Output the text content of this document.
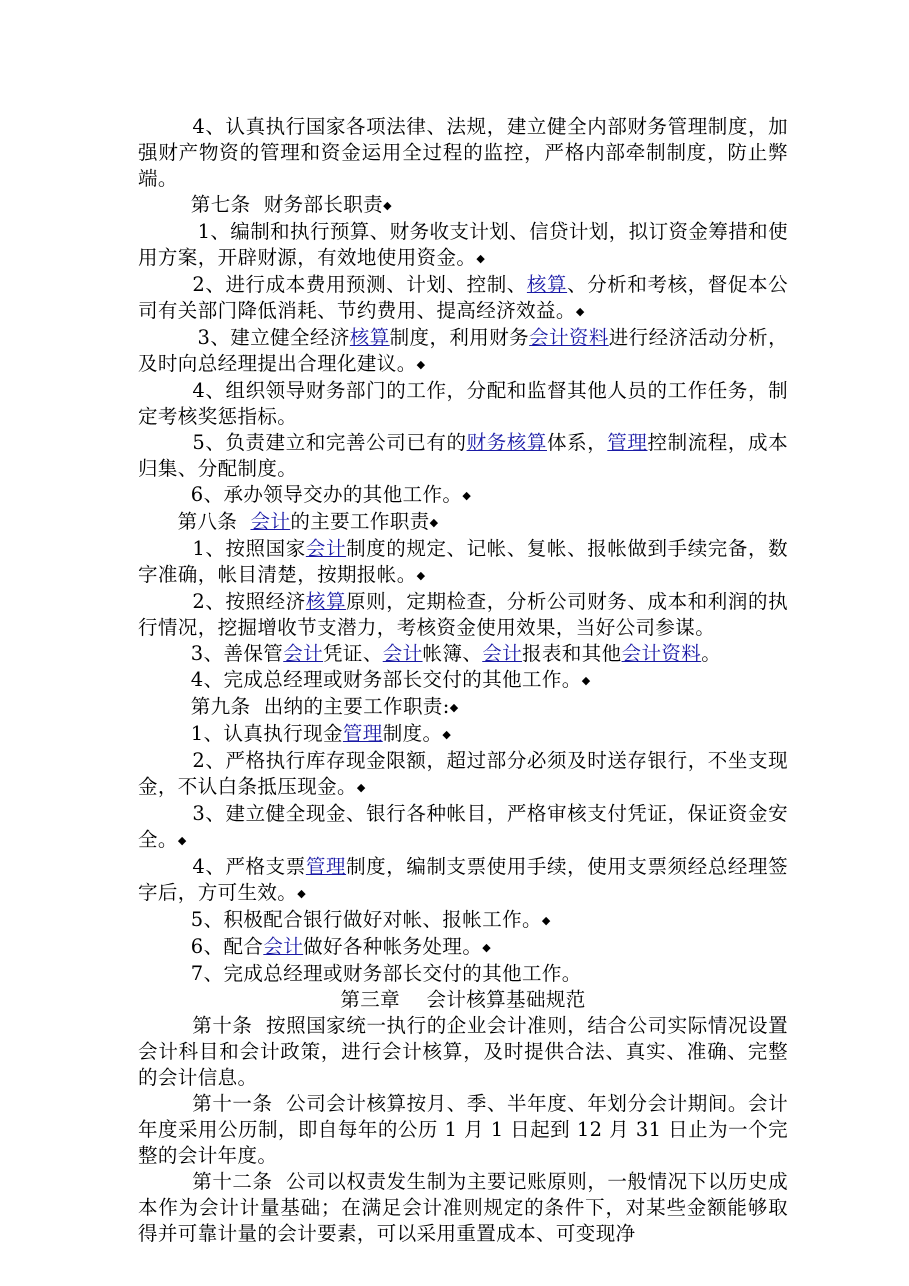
4、认真执行国家各项法律、法规，建立健全内部财务管理制度，加强财产物资的管理和资金运用全过程的监控，严格内部牵制制度，防止弊端。

第七条  财务部长职责◆

1、编制和执行预算、财务收支计划、信贷计划，拟订资金筹措和使用方案，开辟财源，有效地使用资金。◆

2、进行成本费用预测、计划、控制、核算、分析和考核，督促本公司有关部门降低消耗、节约费用、提高经济效益。◆

3、建立健全经济核算制度，利用财务会计资料进行经济活动分析，及时向总经理提出合理化建议。◆

4、组织领导财务部门的工作，分配和监督其他人员的工作任务，制定考核奖惩指标。

5、负责建立和完善公司已有的财务核算体系，管理控制流程，成本归集、分配制度。

6、承办领导交办的其他工作。◆

第八条  会计的主要工作职责◆

1、按照国家会计制度的规定、记帐、复帐、报帐做到手续完备，数字准确，帐目清楚，按期报帐。◆

2、按照经济核算原则，定期检查，分析公司财务、成本和利润的执行情况，挖掘增收节支潜力，考核资金使用效果，当好公司参谋。

3、善保管会计凭证、会计帐簿、会计报表和其他会计资料。

4、完成总经理或财务部长交付的其他工作。◆

第九条  出纳的主要工作职责:◆

1、认真执行现金管理制度。◆

2、严格执行库存现金限额，超过部分必须及时送存银行，不坐支现金，不认白条抵压现金。◆

3、建立健全现金、银行各种帐目，严格审核支付凭证，保证资金安全。◆

4、严格支票管理制度，编制支票使用手续，使用支票须经总经理签字后，方可生效。◆

5、积极配合银行做好对帐、报帐工作。◆

6、配合会计做好各种帐务处理。◆

7、完成总经理或财务部长交付的其他工作。

第三章    会计核算基础规范

第十条  按照国家统一执行的企业会计准则，结合公司实际情况设置会计科目和会计政策，进行会计核算，及时提供合法、真实、准确、完整的会计信息。

第十一条  公司会计核算按月、季、半年度、年划分会计期间。会计年度采用公历制，即自每年的公历 1 月 1 日起到 12 月 31 日止为一个完整的会计年度。

第十二条  公司以权责发生制为主要记账原则，一般情况下以历史成本作为会计计量基础；在满足会计准则规定的条件下，对某些金额能够取得并可靠计量的会计要素，可以采用重置成本、可变现净
